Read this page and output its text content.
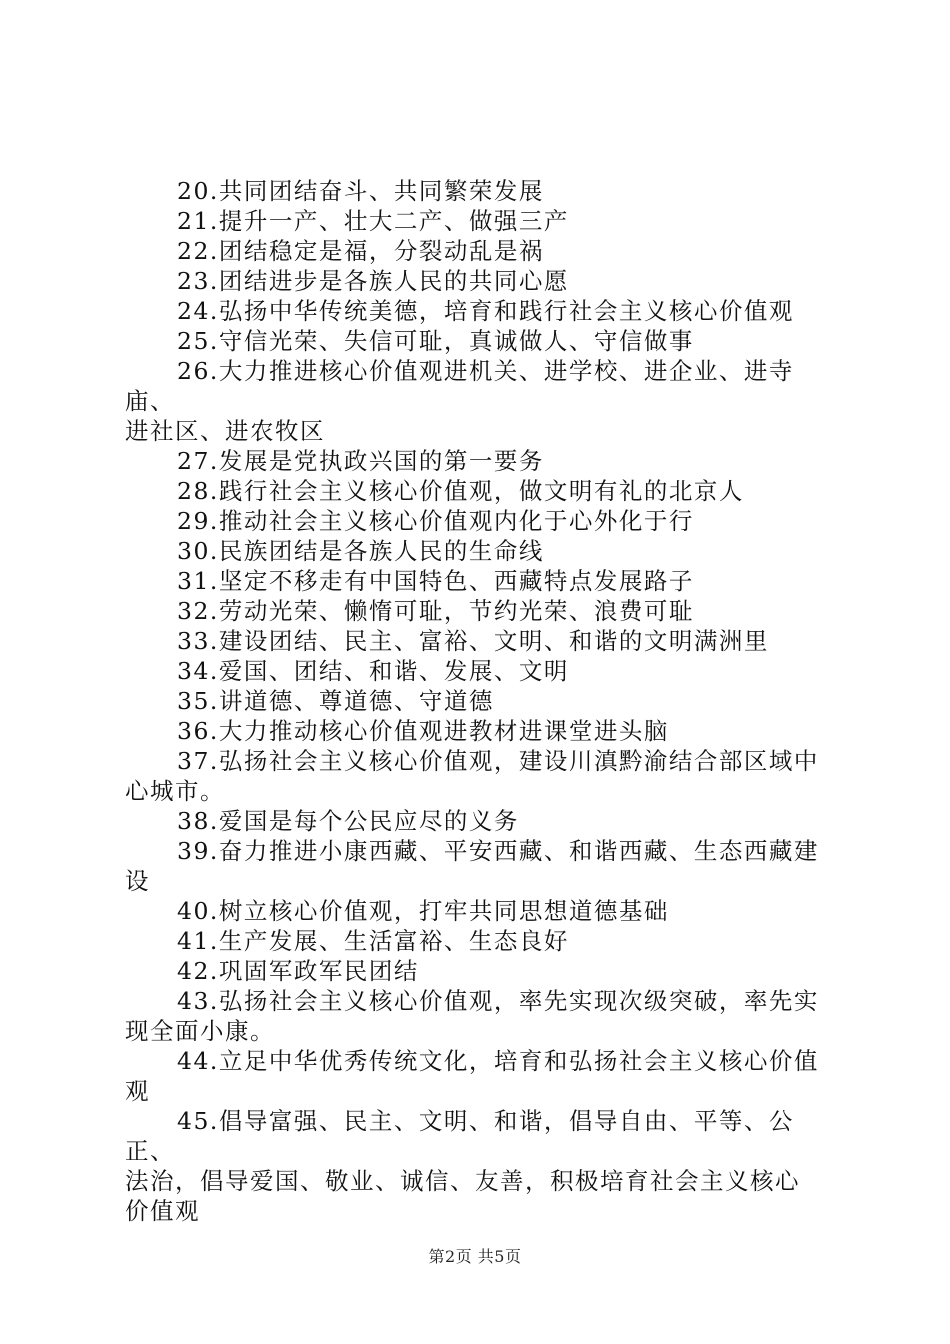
20.共同团结奋斗、共同繁荣发展
21.提升一产、壮大二产、做强三产
22.团结稳定是福，分裂动乱是祸
23.团结进步是各族人民的共同心愿
24.弘扬中华传统美德，培育和践行社会主义核心价值观
25.守信光荣、失信可耻，真诚做人、守信做事
26.大力推进核心价值观进机关、进学校、进企业、进寺庙、
进社区、进农牧区
27.发展是党执政兴国的第一要务
28.践行社会主义核心价值观，做文明有礼的北京人
29.推动社会主义核心价值观内化于心外化于行
30.民族团结是各族人民的生命线
31.坚定不移走有中国特色、西藏特点发展路子
32.劳动光荣、懒惰可耻，节约光荣、浪费可耻
33.建设团结、民主、富裕、文明、和谐的文明满洲里
34.爱国、团结、和谐、发展、文明
35.讲道德、尊道德、守道德
36.大力推动核心价值观进教材进课堂进头脑
37.弘扬社会主义核心价值观，建设川滇黔渝结合部区域中
心城市。
38.爱国是每个公民应尽的义务
39.奋力推进小康西藏、平安西藏、和谐西藏、生态西藏建
设
40.树立核心价值观，打牢共同思想道德基础
41.生产发展、生活富裕、生态良好
42.巩固军政军民团结
43.弘扬社会主义核心价值观，率先实现次级突破，率先实
现全面小康。
44.立足中华优秀传统文化，培育和弘扬社会主义核心价值
观
45.倡导富强、民主、文明、和谐，倡导自由、平等、公正、
法治，倡导爱国、敬业、诚信、友善，积极培育社会主义核心
价值观
第2页 共5页
